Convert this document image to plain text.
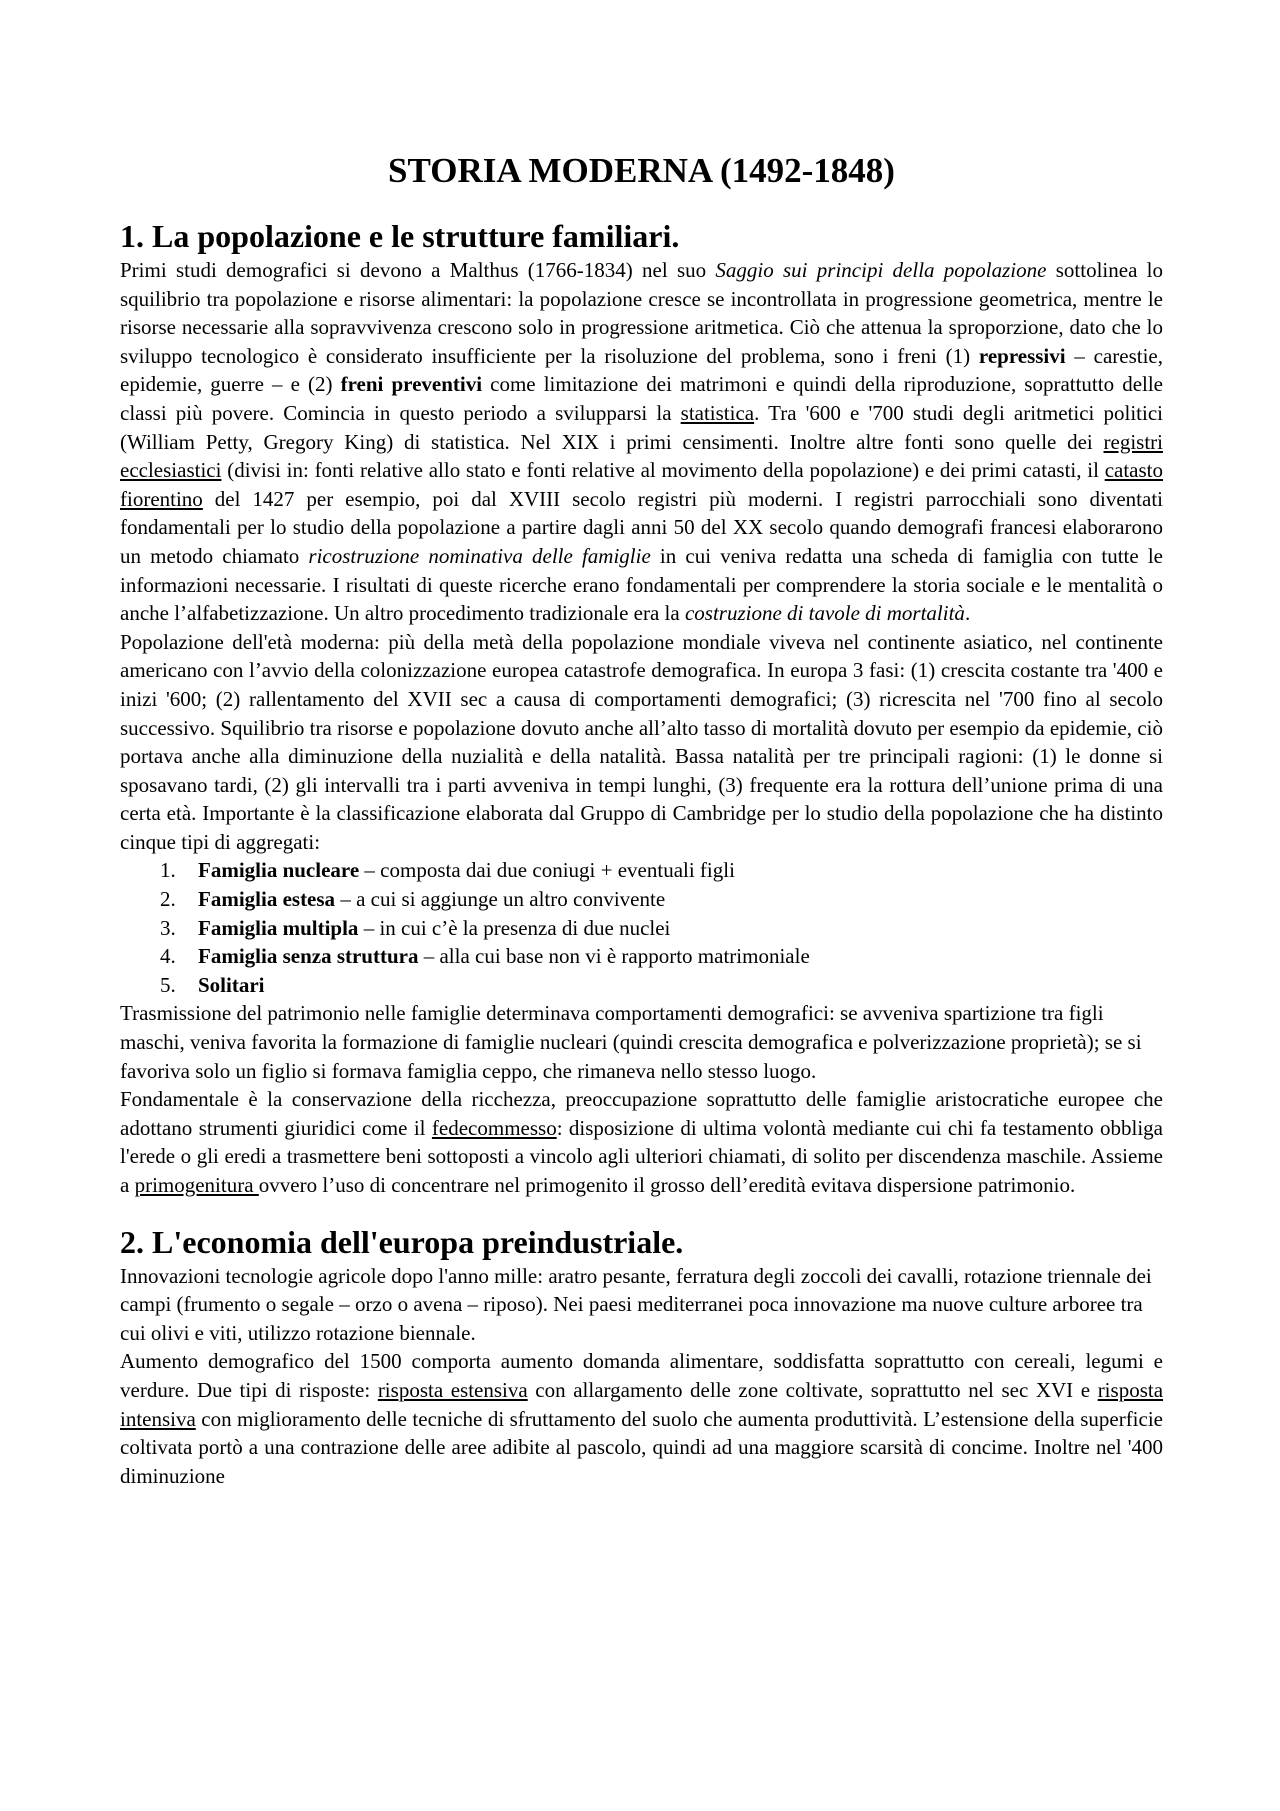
STORIA MODERNA (1492-1848)
1. La popolazione e le strutture familiari.

Primi studi demografici si devono a Malthus (1766-1834) nel suo Saggio sui principi della popolazione sottolinea lo squilibrio tra popolazione e risorse alimentari: la popolazione cresce se incontrollata in progressione geometrica, mentre le risorse necessarie alla sopravvivenza crescono solo in progressione aritmetica. Ciò che attenua la sproporzione, dato che lo sviluppo tecnologico è considerato insufficiente per la risoluzione del problema, sono i freni (1) repressivi – carestie, epidemie, guerre – e (2) freni preventivi come limitazione dei matrimoni e quindi della riproduzione, soprattutto delle classi più povere. Comincia in questo periodo a svilupparsi la statistica. Tra '600 e '700 studi degli aritmetici politici (William Petty, Gregory King) di statistica. Nel XIX i primi censimenti. Inoltre altre fonti sono quelle dei registri ecclesiastici (divisi in: fonti relative allo stato e fonti relative al movimento della popolazione) e dei primi catasti, il catasto fiorentino del 1427 per esempio, poi dal XVIII secolo registri più moderni. I registri parrocchiali sono diventati fondamentali per lo studio della popolazione a partire dagli anni 50 del XX secolo quando demografi francesi elaborarono un metodo chiamato ricostruzione nominativa delle famiglie in cui veniva redatta una scheda di famiglia con tutte le informazioni necessarie. I risultati di queste ricerche erano fondamentali per comprendere la storia sociale e le mentalità o anche l’alfabetizzazione. Un altro procedimento tradizionale era la costruzione di tavole di mortalità.

Popolazione dell'età moderna: più della metà della popolazione mondiale viveva nel continente asiatico, nel continente americano con l’avvio della colonizzazione europea catastrofe demografica. In europa 3 fasi: (1) crescita costante tra '400 e inizi '600; (2) rallentamento del XVII sec a causa di comportamenti demografici; (3) ricrescita nel '700 fino al secolo successivo. Squilibrio tra risorse e popolazione dovuto anche all’alto tasso di mortalità dovuto per esempio da epidemie, ciò portava anche alla diminuzione della nuzialità e della natalità. Bassa natalità per tre principali ragioni: (1) le donne si sposavano tardi, (2) gli intervalli tra i parti avveniva in tempi lunghi, (3) frequente era la rottura dell’unione prima di una certa età. Importante è la classificazione elaborata dal Gruppo di Cambridge per lo studio della popolazione che ha distinto cinque tipi di aggregati:

1.	Famiglia nucleare – composta dai due coniugi + eventuali figli
2.	Famiglia estesa – a cui si aggiunge un altro convivente
3.	Famiglia multipla – in cui c’è la presenza di due nuclei
4.	Famiglia senza struttura – alla cui base non vi è rapporto matrimoniale
5.	Solitari

Trasmissione del patrimonio nelle famiglie determinava comportamenti demografici: se avveniva spartizione tra figli maschi, veniva favorita la formazione di famiglie nucleari (quindi crescita demografica e polverizzazione proprietà); se si favoriva solo un figlio si formava famiglia ceppo, che rimaneva nello stesso luogo.

Fondamentale è la conservazione della ricchezza, preoccupazione soprattutto delle famiglie aristocratiche europee che adottano strumenti giuridici come il fedecommesso: disposizione di ultima volontà mediante cui chi fa testamento obbliga l'erede o gli eredi a trasmettere beni sottoposti a vincolo agli ulteriori chiamati, di solito per discendenza maschile. Assieme a primogenitura ovvero l’uso di concentrare nel primogenito il grosso dell’eredità evitava dispersione patrimonio.

2. L'economia dell'europa preindustriale.

Innovazioni tecnologie agricole dopo l'anno mille: aratro pesante, ferratura degli zoccoli dei cavalli, rotazione triennale dei campi (frumento o segale – orzo o avena – riposo). Nei paesi mediterranei poca innovazione ma nuove culture arboree tra cui olivi e viti, utilizzo rotazione biennale.

Aumento demografico del 1500 comporta aumento domanda alimentare, soddisfatta soprattutto con cereali, legumi e verdure. Due tipi di risposte: risposta estensiva con allargamento delle zone coltivate, soprattutto nel sec XVI e risposta intensiva con miglioramento delle tecniche di sfruttamento del suolo che aumenta produttività. L’estensione della superficie coltivata portò a una contrazione delle aree adibite al pascolo, quindi ad una maggiore scarsità di concime. Inoltre nel '400 diminuzione
